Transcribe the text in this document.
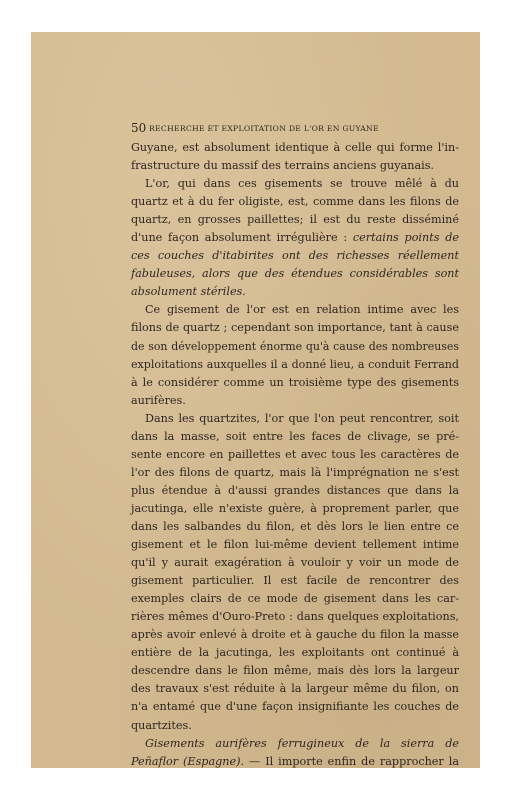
50 RECHERCHE ET EXPLOITATION DE L'OR EN GUYANE
Guyane, est absolument identique à celle qui forme l'in-
frastructure du massif des terrains anciens guyanais.
L'or, qui dans ces gisements se trouve mêlé à du
quartz et à du fer oligiste, est, comme dans les filons de
quartz, en grosses paillettes; il est du reste disséminé
d'une façon absolument irrégulière : certains points de
ces couches d'itabirites ont des richesses réellement
fabuleuses, alors que des étendues considérables sont
absolument stériles.
Ce gisement de l'or est en relation intime avec les
filons de quartz ; cependant son importance, tant à cause
de son développement énorme qu'à cause des nombreuses
exploitations auxquelles il a donné lieu, a conduit Ferrand
à le considérer comme un troisième type des gisements
aurifères.
Dans les quartzites, l'or que l'on peut rencontrer, soit
dans la masse, soit entre les faces de clivage, se pré-
sente encore en paillettes et avec tous les caractères de
l'or des filons de quartz, mais là l'imprégnation ne s'est
plus étendue à d'aussi grandes distances que dans la
jacutinga, elle n'existe guère, à proprement parler, que
dans les salbandes du filon, et dès lors le lien entre ce
gisement et le filon lui-même devient tellement intime
qu'il y aurait exagération à vouloir y voir un mode de
gisement particulier. Il est facile de rencontrer des
exemples clairs de ce mode de gisement dans les car-
rières mêmes d'Ouro-Preto : dans quelques exploitations,
après avoir enlevé à droite et à gauche du filon la masse
entière de la jacutinga, les exploitants ont continué à
descendre dans le filon même, mais dès lors la largeur
des travaux s'est réduite à la largeur même du filon, on
n'a entamé que d'une façon insignifiante les couches de
quartzites.
Gisements aurifères ferrugineux de la sierra de
Peñaflor (Espagne). — Il importe enfin de rapprocher la
